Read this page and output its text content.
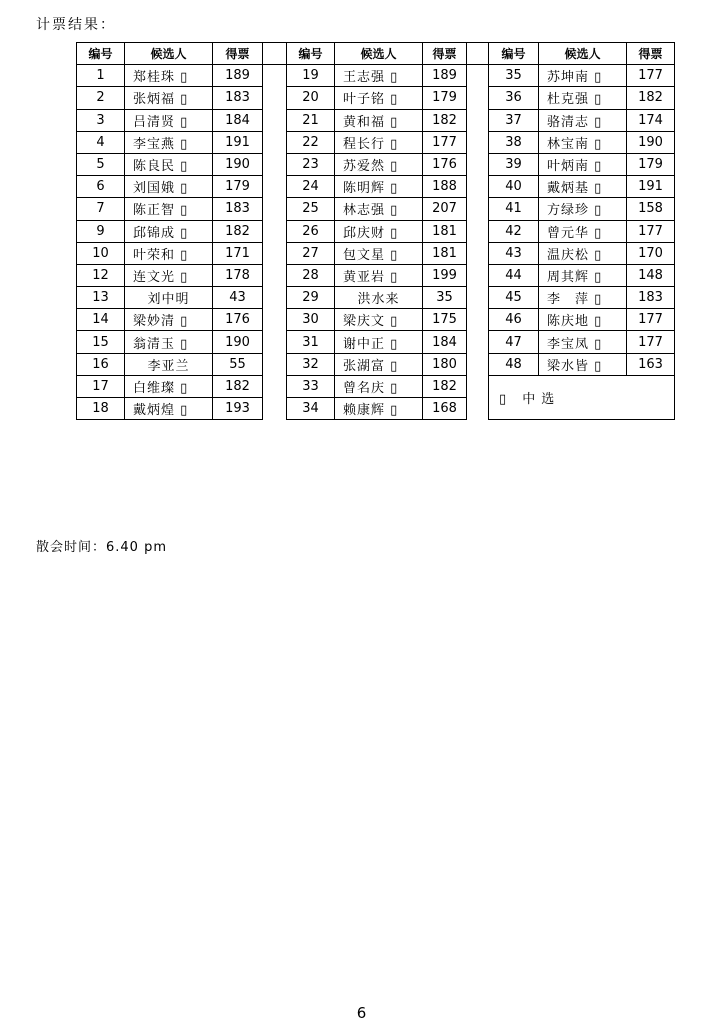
计票结果：
编号	候选人	得票		编号	候选人	得票		编号	候选人	得票
1	郑桂珠 ▯	189		19	王志强 ▯	189		35	苏坤南 ▯	177
2	张炳福 ▯	183		20	叶子铭 ▯	179		36	杜克强 ▯	182
3	吕清贤 ▯	184		21	黄和福 ▯	182		37	骆清志 ▯	174
4	李宝燕 ▯	191		22	程长行 ▯	177		38	林宝南 ▯	190
5	陈良民 ▯	190		23	苏爱然 ▯	176		39	叶炳南 ▯	179
6	刘国娥 ▯	179		24	陈明辉 ▯	188		40	戴炳基 ▯	191
7	陈正智 ▯	183		25	林志强 ▯	207		41	方绿珍 ▯	158
9	邱锦成 ▯	182		26	邱庆财 ▯	181		42	曾元华 ▯	177
10	叶荣和 ▯	171		27	包文星 ▯	181		43	温庆松 ▯	170
12	连文光 ▯	178		28	黄亚岩 ▯	199		44	周其辉 ▯	148
13	刘中明	43		29	洪水来	35		45	李　萍 ▯	183
14	梁妙清 ▯	176		30	梁庆文 ▯	175		46	陈庆地 ▯	177
15	翁清玉 ▯	190		31	谢中正 ▯	184		47	李宝凤 ▯	177
16	李亚兰	55		32	张湖富 ▯	180		48	梁水皆 ▯	163
17	白维璨 ▯	182		33	曾名庆 ▯	182		▯ 中选		
18	戴炳煌 ▯	193		34	赖康辉 ▯	168				
散会时间：6.40 pm
6
